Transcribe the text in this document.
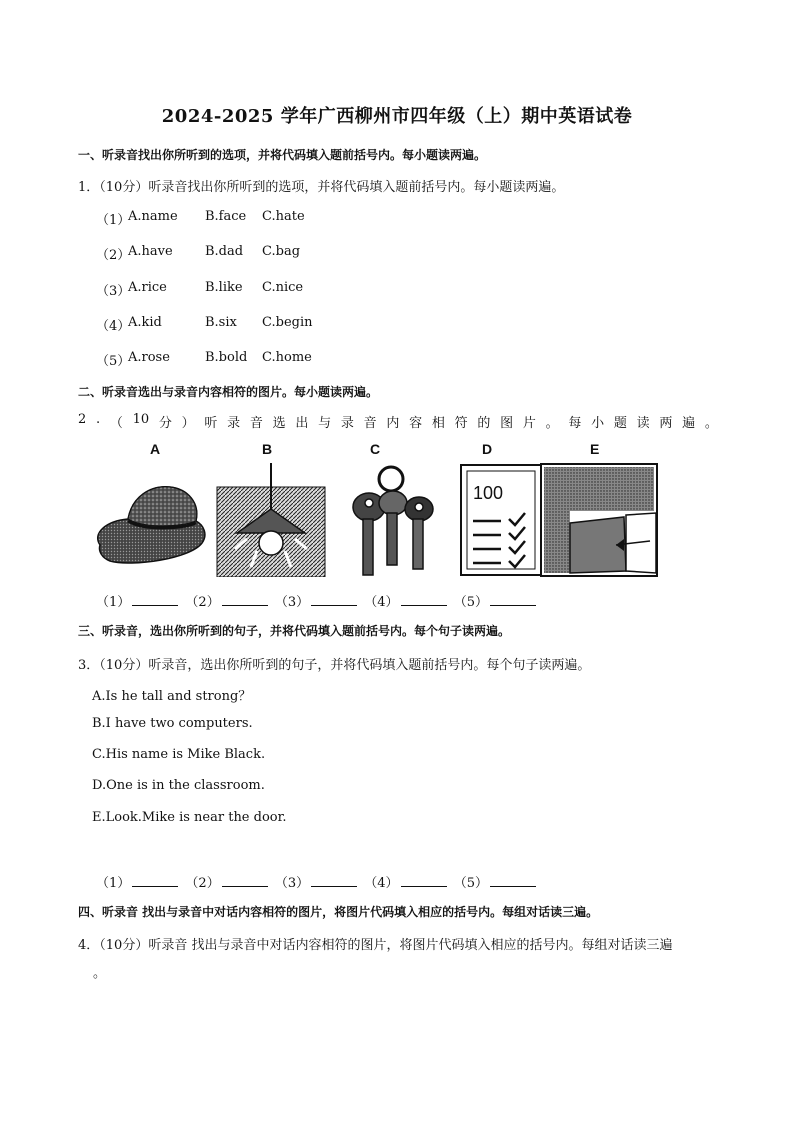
2024-2025 学年广西柳州市四年级（上）期中英语试卷
一、听录音找出你所听到的选项，并将代码填入题前括号内。每小题读两遍。
1．（10分）听录音找出你所听到的选项，并将代码填入题前括号内。每小题读两遍。
（1）
A.name B.face C.hate
（2）
A.have B.dad C.bag
（3）
A.rice	B.like C.nice
（4）
A.kid	B.six C.begin
（5）
A.rose	B.bold C.home
二、听录音选出与录音内容相符的图片。每小题读两遍。
2 . （ 10 分 ） 听 录 音 选 出 与 录 音 内 容 相 符 的 图 片 。 每 小 题 读 两 遍 。
A	B	C	D	E
100
（1）	（2）	（3）	（4）	（5）
三、听录音，选出你所听到的句子，并将代码填入题前括号内。每个句子读两遍。
3．（10分）听录音，选出你所听到的句子，并将代码填入题前括号内。每个句子读两遍。
A.Is he tall and strong？
B.I have two computers.
C.His name is Mike Black.
D.One is in the classroom.
E.Look.Mike is near the door.
（1）	（2）	（3）	（4）	（5）
四、听录音 找出与录音中对话内容相符的图片，将图片代码填入相应的括号内。每组对话读三遍。
4．（10分）听录音 找出与录音中对话内容相符的图片，将图片代码填入相应的括号内。每组对话读三遍
。
